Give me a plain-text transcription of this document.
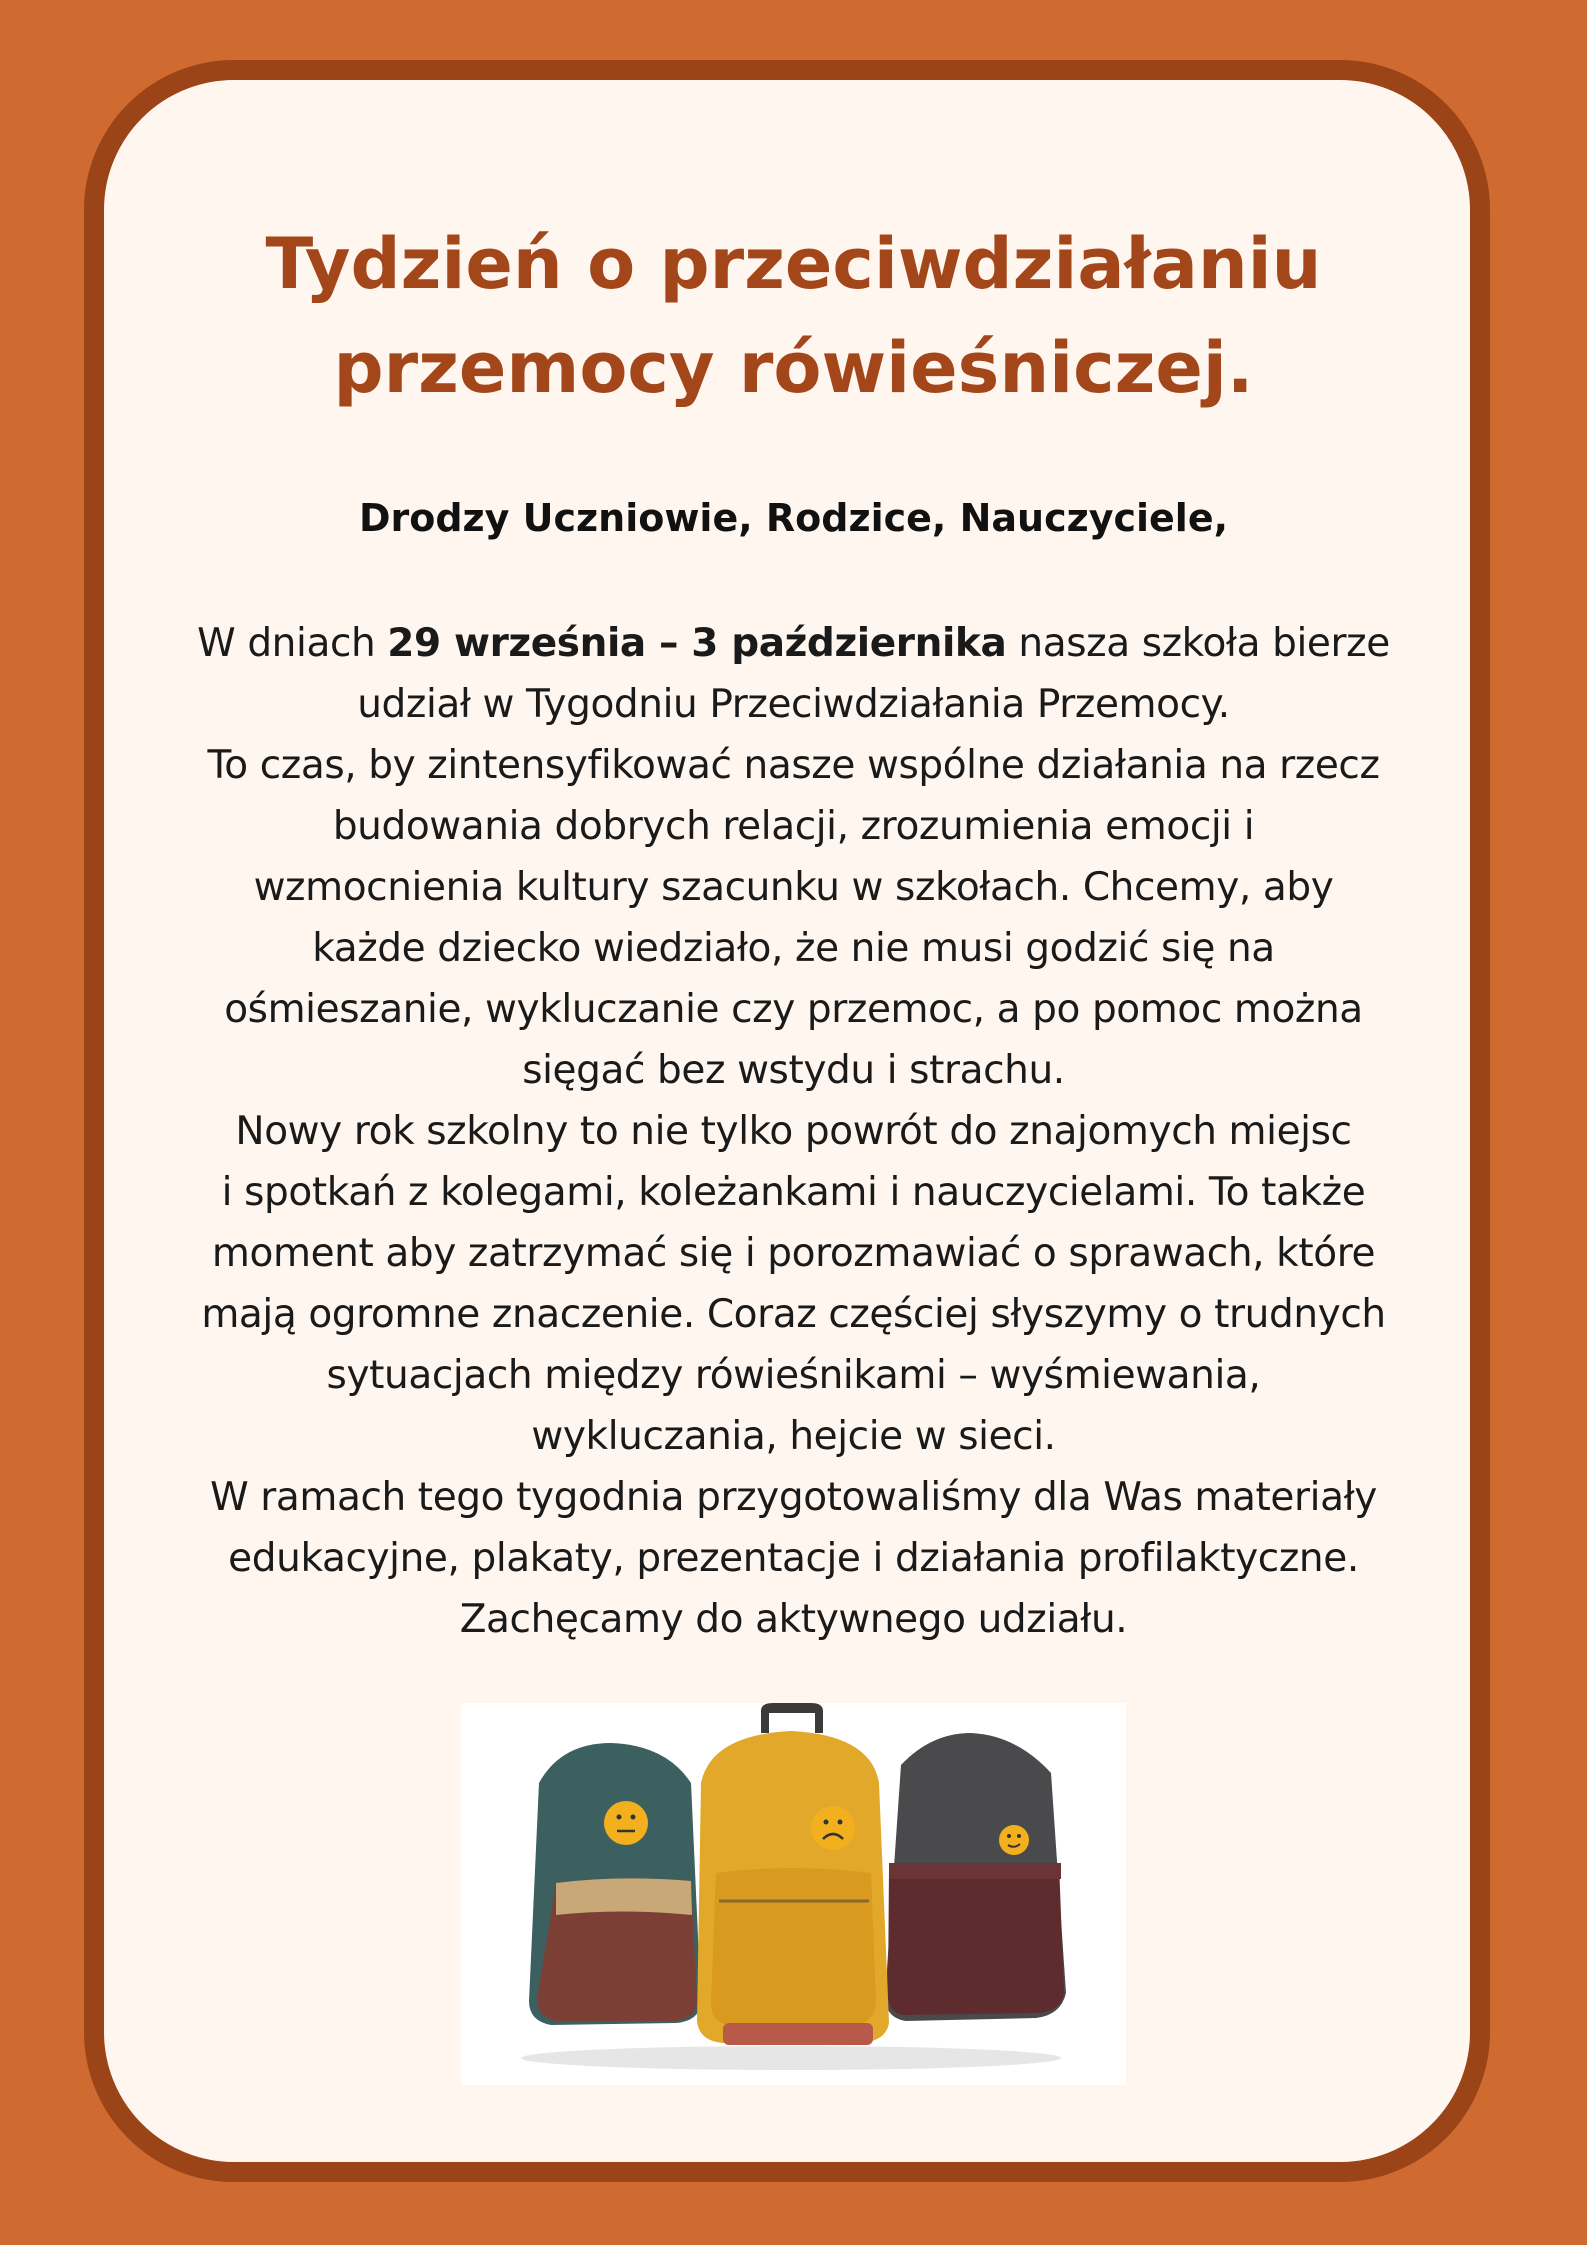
Tydzień o przeciwdziałaniu
przemocy rówieśniczej.

Drodzy Uczniowie, Rodzice, Nauczyciele,

W dniach 29 września – 3 października nasza szkoła bierze
udział w Tygodniu Przeciwdziałania Przemocy.
To czas, by zintensyfikować nasze wspólne działania na rzecz
budowania dobrych relacji, zrozumienia emocji i
wzmocnienia kultury szacunku w szkołach. Chcemy, aby
każde dziecko wiedziało, że nie musi godzić się na
ośmieszanie, wykluczanie czy przemoc, a po pomoc można
sięgać bez wstydu i strachu.
Nowy rok szkolny to nie tylko powrót do znajomych miejsc
i spotkań z kolegami, koleżankami i nauczycielami. To także
moment aby zatrzymać się i porozmawiać o sprawach, które
mają ogromne znaczenie. Coraz częściej słyszymy o trudnych
sytuacjach między rówieśnikami – wyśmiewania,
wykluczania, hejcie w sieci.
W ramach tego tygodnia przygotowaliśmy dla Was materiały
edukacyjne, plakaty, prezentacje i działania profilaktyczne.
Zachęcamy do aktywnego udziału.
